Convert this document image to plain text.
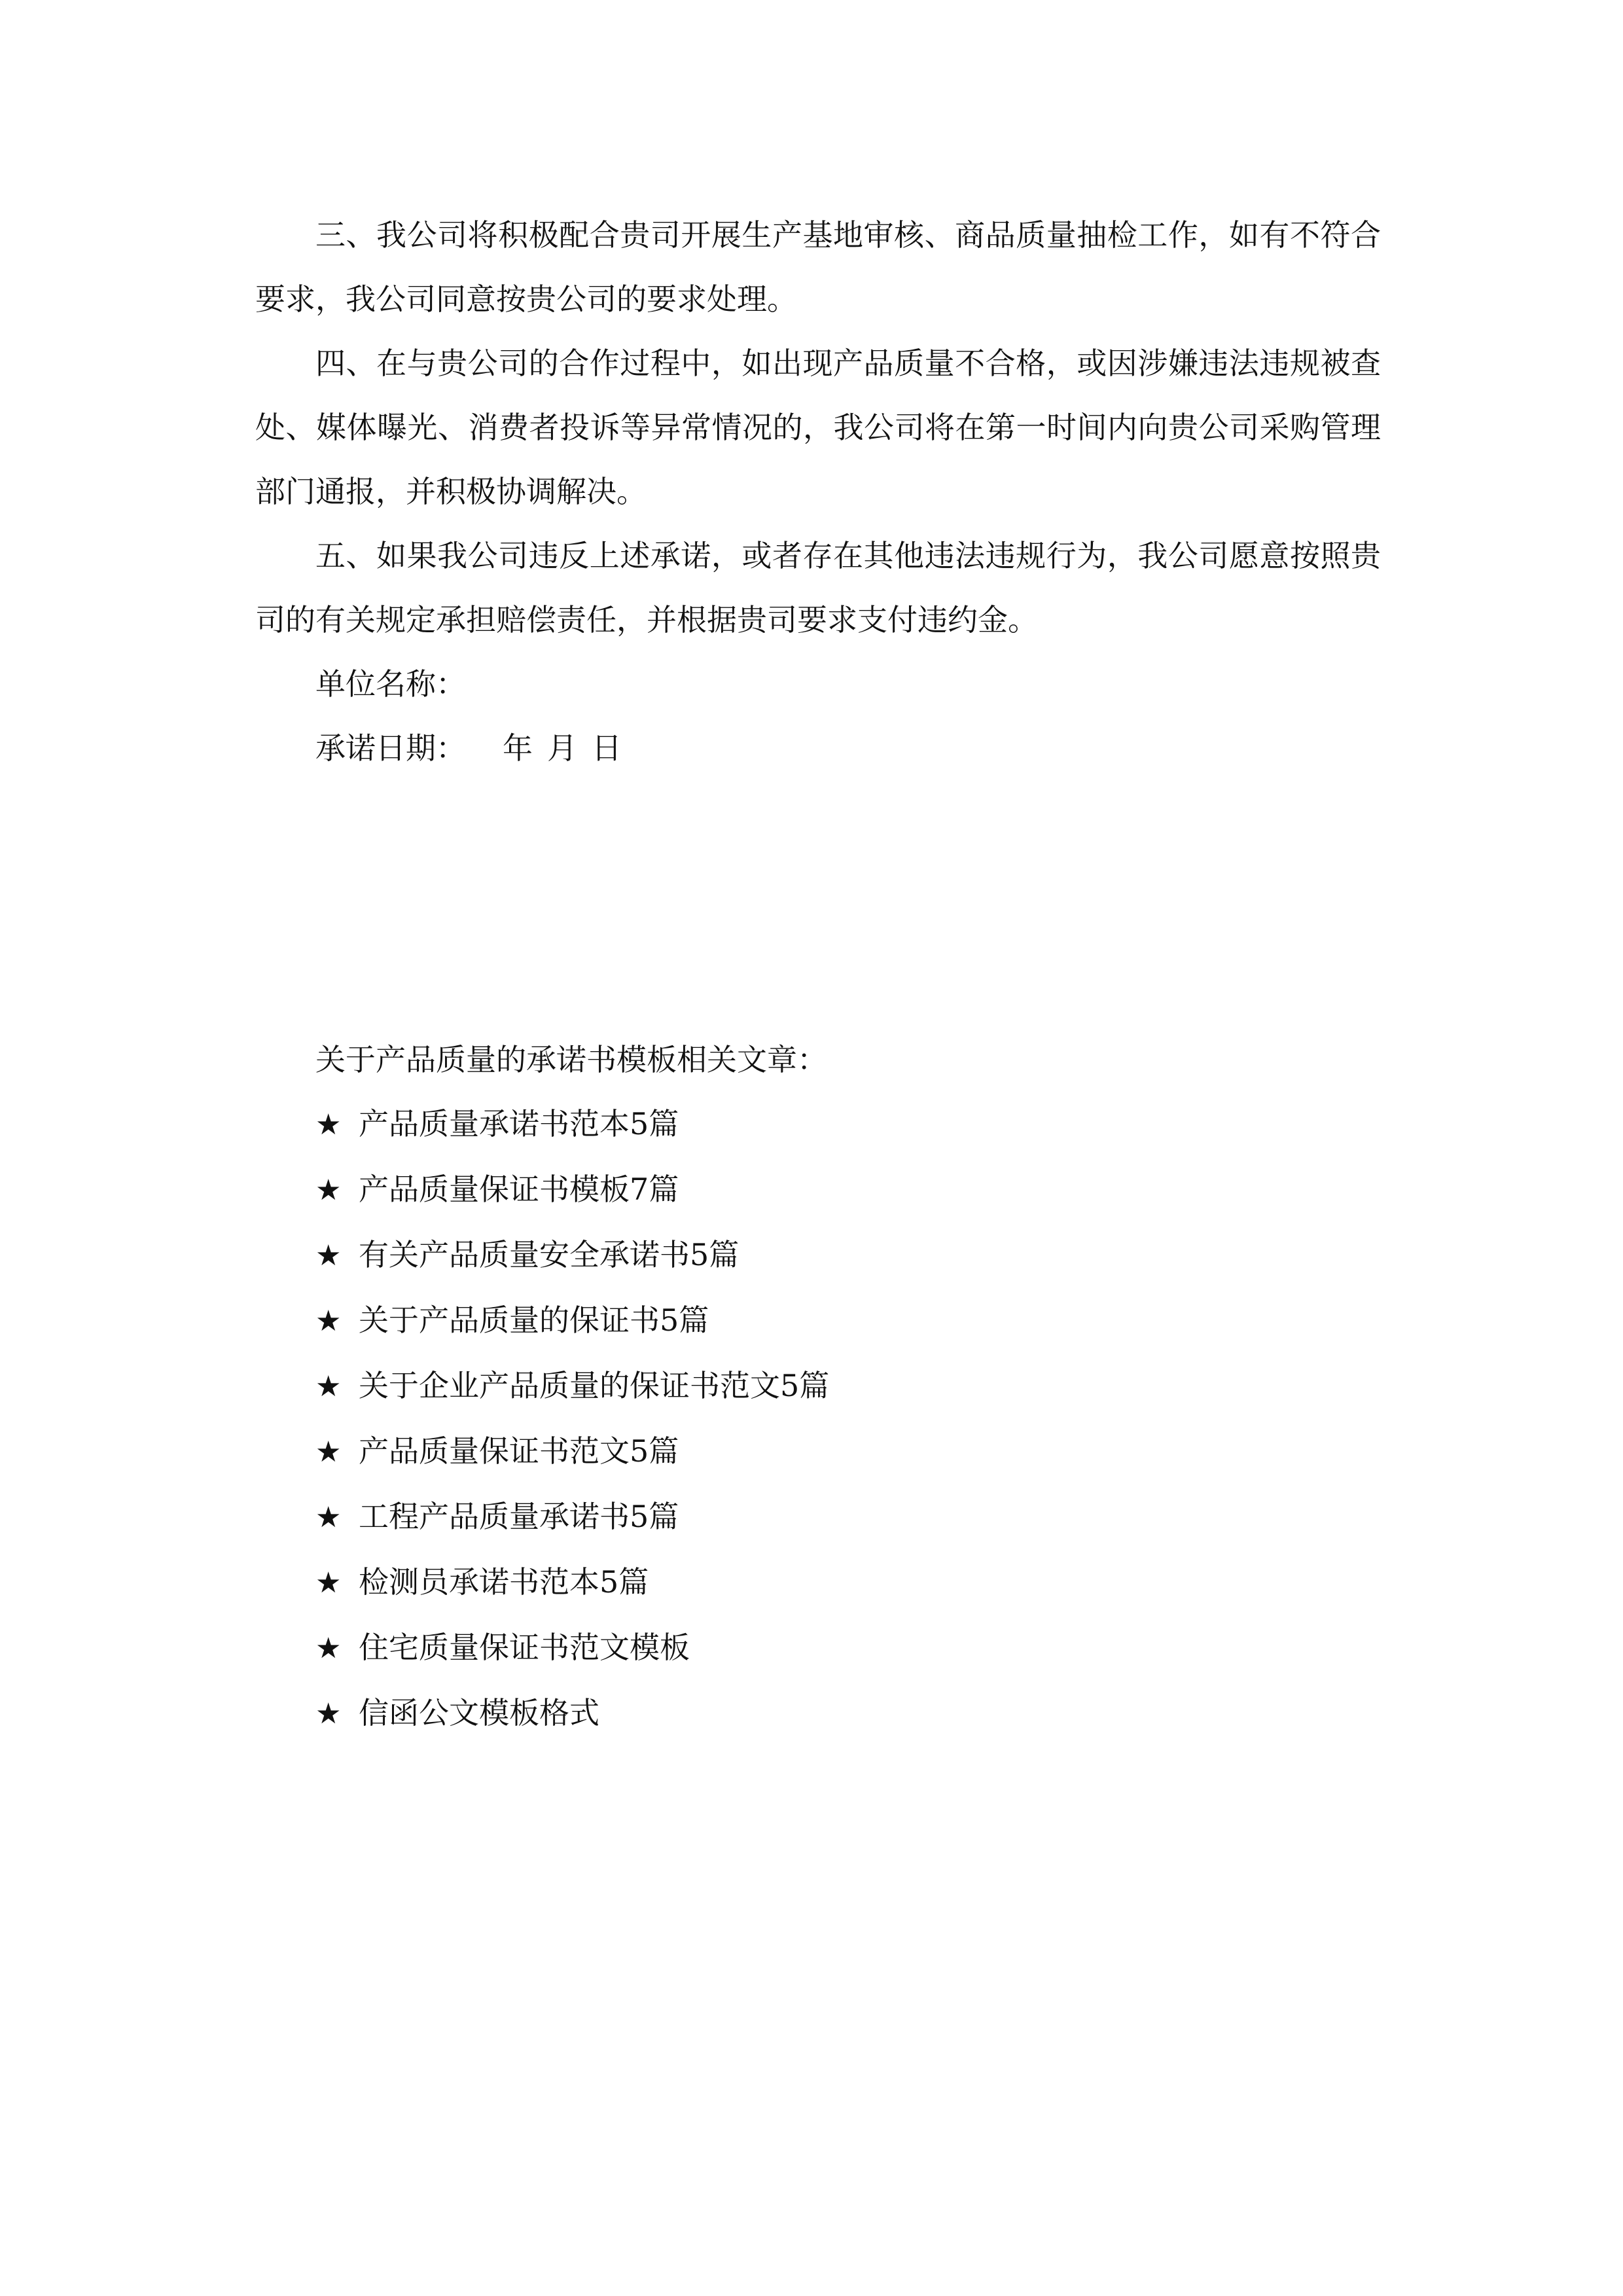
三、我公司将积极配合贵司开展生产基地审核、商品质量抽检工作，如有不符合要求，我公司同意按贵公司的要求处理。

四、在与贵公司的合作过程中，如出现产品质量不合格，或因涉嫌违法违规被查处、媒体曝光、消费者投诉等异常情况的，我公司将在第一时间内向贵公司采购管理部门通报，并积极协调解决。

五、如果我公司违反上述承诺，或者存在其他违法违规行为，我公司愿意按照贵司的有关规定承担赔偿责任，并根据贵司要求支付违约金。

单位名称：

承诺日期： 年 月 日

关于产品质量的承诺书模板相关文章：

★ 产品质量承诺书范本5篇
★ 产品质量保证书模板7篇
★ 有关产品质量安全承诺书5篇
★ 关于产品质量的保证书5篇
★ 关于企业产品质量的保证书范文5篇
★ 产品质量保证书范文5篇
★ 工程产品质量承诺书5篇
★ 检测员承诺书范本5篇
★ 住宅质量保证书范文模板
★ 信函公文模板格式
